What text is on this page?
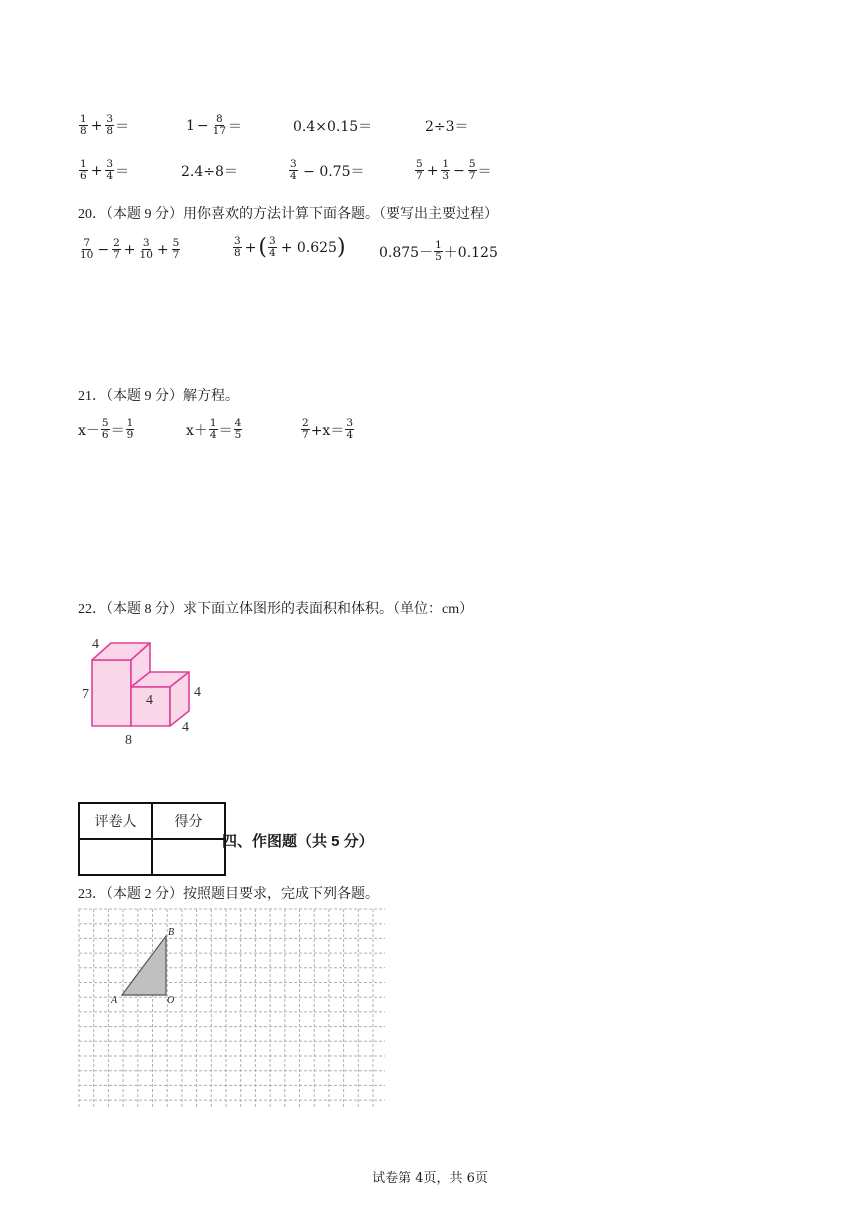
$\frac{1}{8} + \frac{3}{8}$ ＝	$1 - \frac{8}{17}$ ＝	0.4×0.15＝	2÷3＝
$\frac{1}{6} + \frac{3}{4}$ ＝	2.4÷8＝	$\frac{3}{4} - 0.75=$	$\frac{5}{7} + \frac{1}{3} - \frac{5}{7}$ ＝
20．（本题 9 分）用你喜欢的方法计算下面各题。（要写出主要过程）
$\frac{7}{10} - \frac{2}{7} + \frac{3}{10} + \frac{5}{7}$	$\frac{3}{8}$ + ( $\frac{3}{4} + 0.625$ ) $0.875- \frac{1}{5} +0.125$
21．（本题 9 分）解方程。
$x- \frac{5}{6} = \frac{1}{9}$	$x+ \frac{1}{4} = \frac{4}{5}$	$\frac{2}{7} +x= \frac{3}{4}$
22．（本题 8 分）求下面立体图形的表面积和体积。（单位：cm）
4
7	4
4
4
8
评卷人	得分

四、作图题（共 5 分）
23．（本题 2 分）按照题目要求，完成下列各题。
A
B
O
试卷第 4页，共 6页
